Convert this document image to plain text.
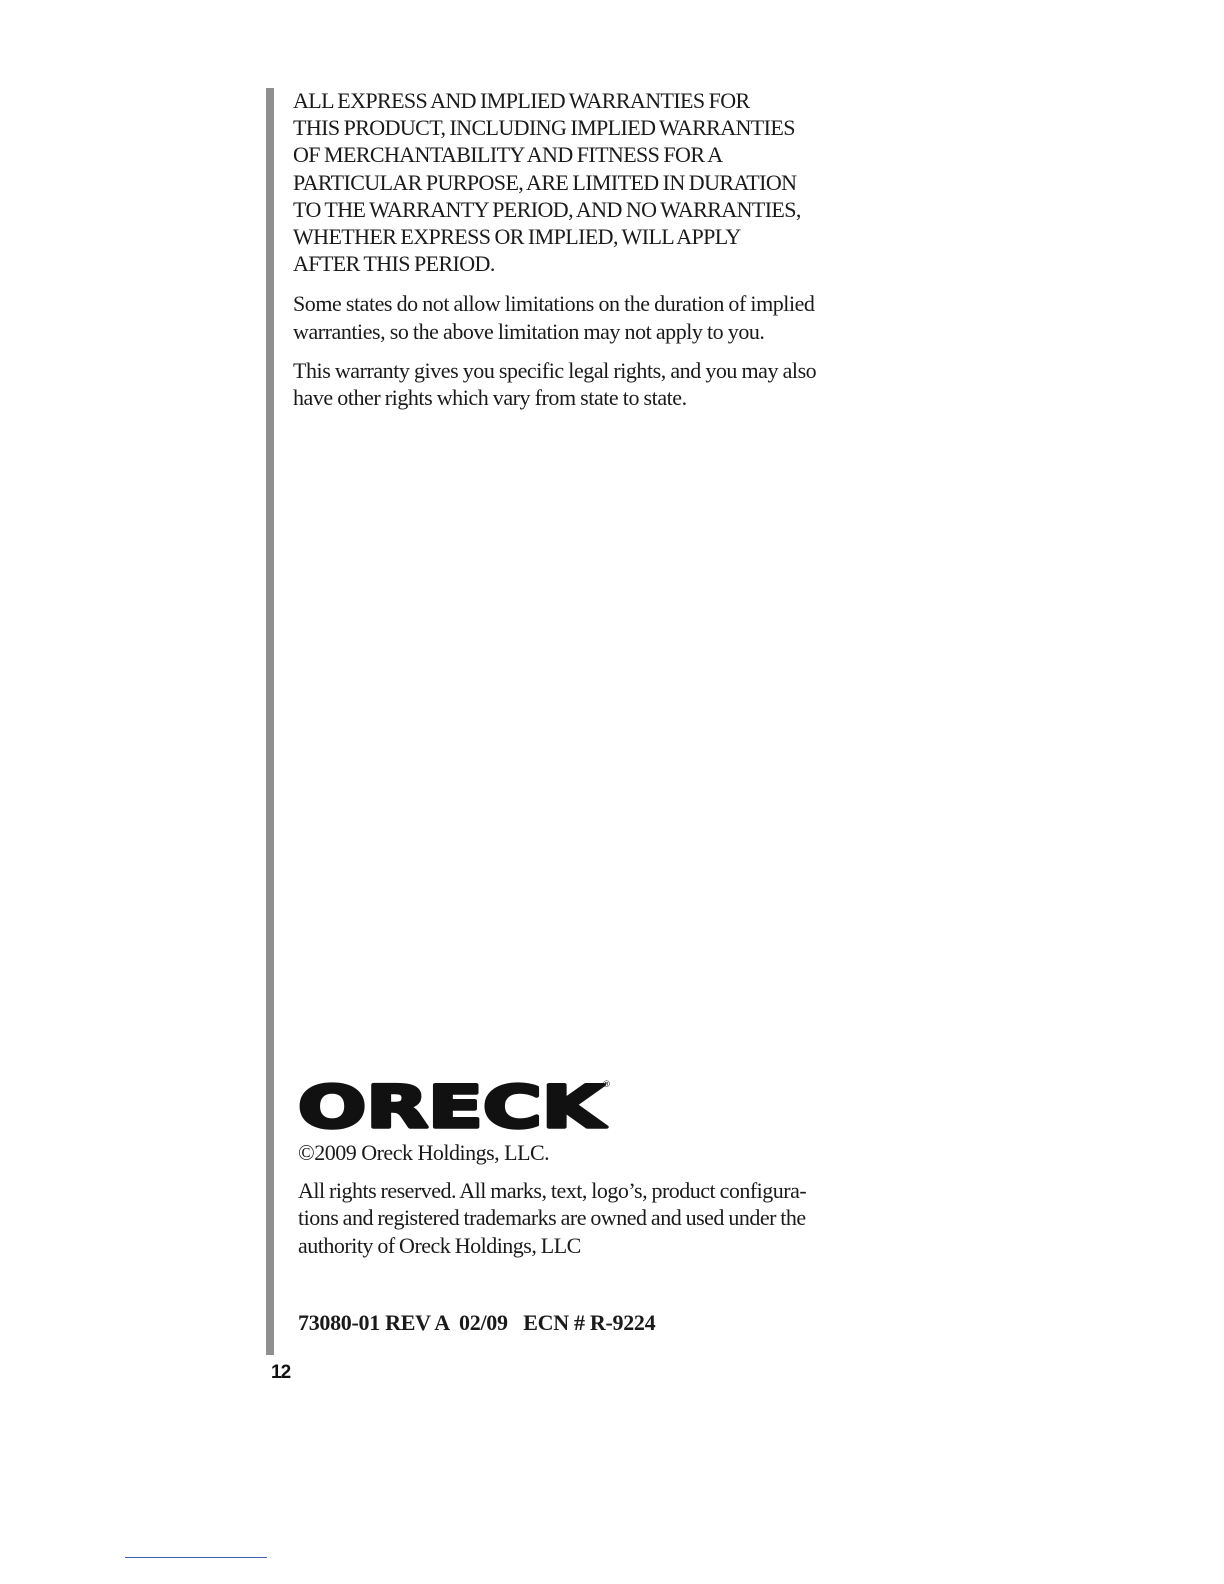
ALL EXPRESS AND IMPLIED WARRANTIES FOR
THIS PRODUCT, INCLUDING IMPLIED WARRANTIES
OF MERCHANTABILITY AND FITNESS FOR A
PARTICULAR PURPOSE, ARE LIMITED IN DURATION
TO THE WARRANTY PERIOD, AND NO WARRANTIES,
WHETHER EXPRESS OR IMPLIED, WILL APPLY
AFTER THIS PERIOD.

Some states do not allow limitations on the duration of implied
warranties, so the above limitation may not apply to you.

This warranty gives you specific legal rights, and you may also
have other rights which vary from state to state.

ORECK
®

©2009 Oreck Holdings, LLC.

All rights reserved. All marks, text, logo’s, product configura-
tions and registered trademarks are owned and used under the
authority of Oreck Holdings, LLC

73080-01 REV A  02/09   ECN # R-9224
12
